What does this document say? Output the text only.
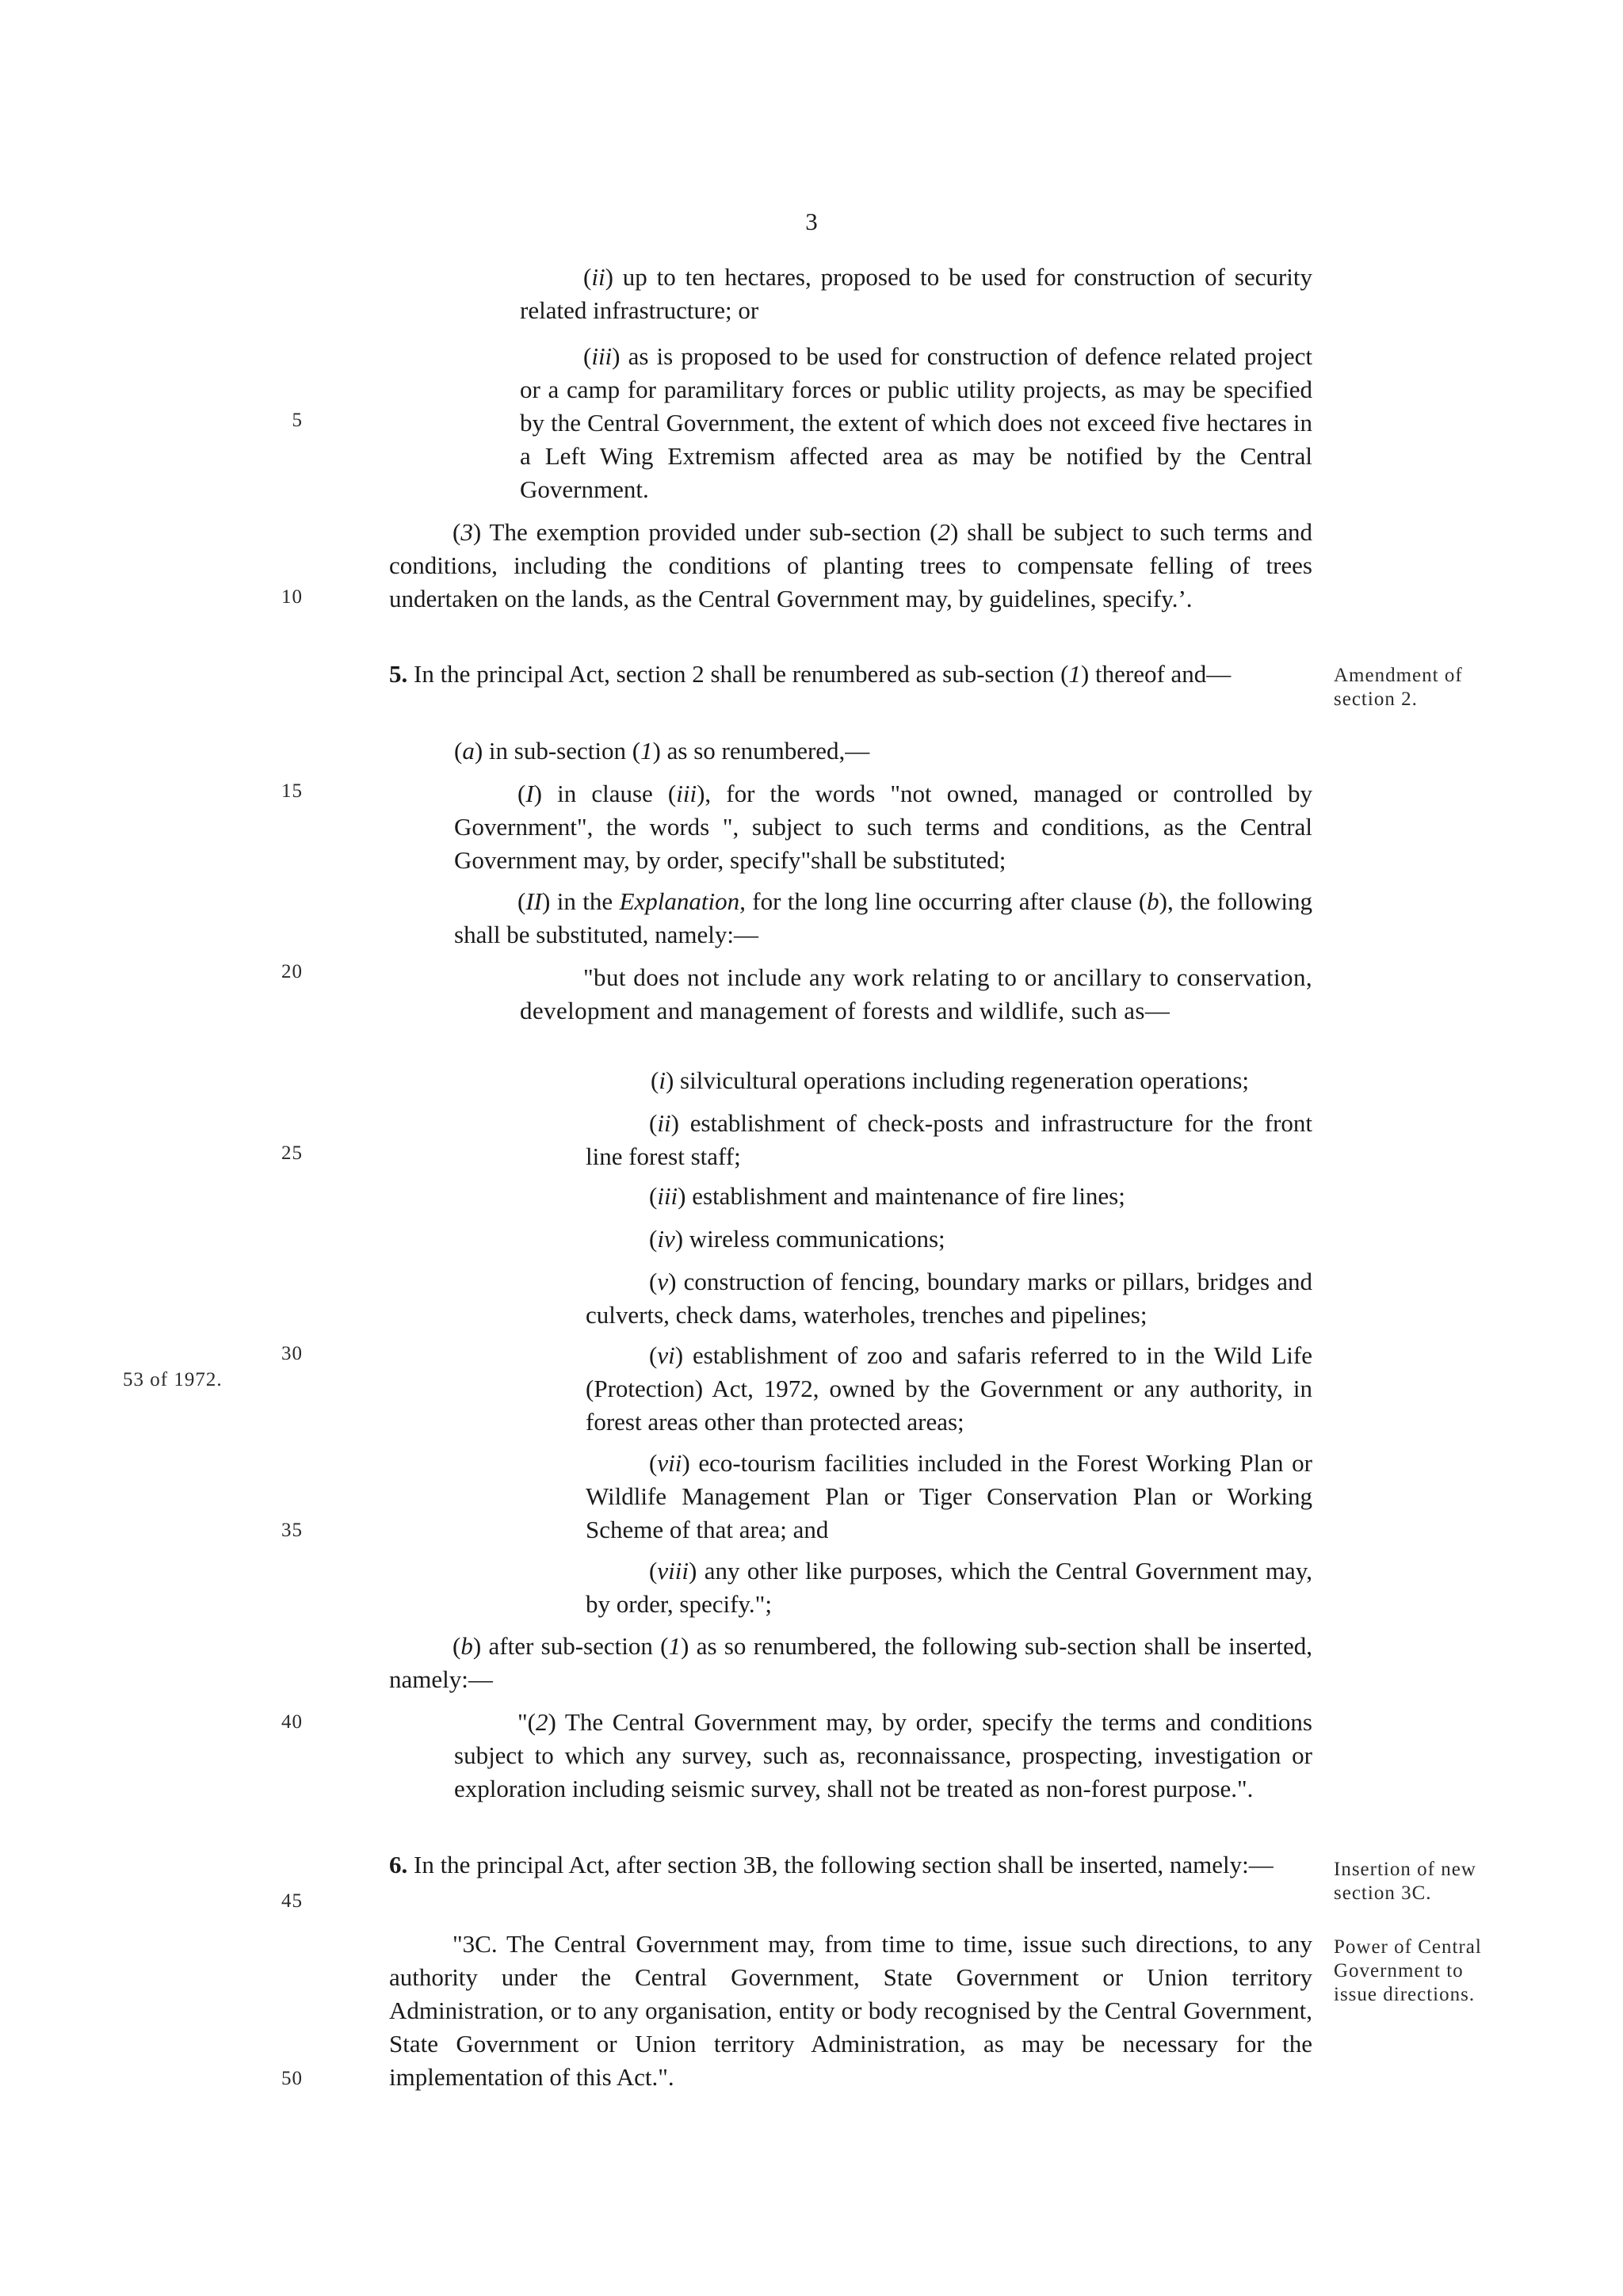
3
5
10
15
20
25
30
35
40
45
50
53 of 1972.
Amendment of section 2.
Insertion of new section 3C.
Power of Central Government to issue directions.

(ii) up to ten hectares, proposed to be used for construction of security related infrastructure; or

(iii) as is proposed to be used for construction of defence related project or a camp for paramilitary forces or public utility projects, as may be specified by the Central Government, the extent of which does not exceed five hectares in a Left Wing Extremism affected area as may be notified by the Central Government.

(3) The exemption provided under sub-section (2) shall be subject to such terms and conditions, including the conditions of planting trees to compensate felling of trees undertaken on the lands, as the Central Government may, by guidelines, specify.’.

5. In the principal Act, section 2 shall be renumbered as sub-section (1) thereof and—

(a) in sub-section (1) as so renumbered,—

(I) in clause (iii), for the words "not owned, managed or controlled by Government", the words ", subject to such terms and conditions, as the Central Government may, by order, specify"shall be substituted;

(II) in the Explanation, for the long line occurring after clause (b), the following shall be substituted, namely:—

"but does not include any work relating to or ancillary to conservation, development and management of forests and wildlife, such as—

(i) silvicultural operations including regeneration operations;

(ii) establishment of check-posts and infrastructure for the front line forest staff;

(iii) establishment and maintenance of fire lines;

(iv) wireless communications;

(v) construction of fencing, boundary marks or pillars, bridges and culverts, check dams, waterholes, trenches and pipelines;

(vi) establishment of zoo and safaris referred to in the Wild Life (Protection) Act, 1972, owned by the Government or any authority, in forest areas other than protected areas;

(vii) eco-tourism facilities included in the Forest Working Plan or Wildlife Management Plan or Tiger Conservation Plan or Working Scheme of that area; and

(viii) any other like purposes, which the Central Government may, by order, specify.";

(b) after sub-section (1) as so renumbered, the following sub-section shall be inserted, namely:—

"(2) The Central Government may, by order, specify the terms and conditions subject to which any survey, such as, reconnaissance, prospecting, investigation or exploration including seismic survey, shall not be treated as non-forest purpose.".

6. In the principal Act, after section 3B, the following section shall be inserted, namely:—

"3C. The Central Government may, from time to time, issue such directions, to any authority under the Central Government, State Government or Union territory Administration, or to any organisation, entity or body recognised by the Central Government, State Government or Union territory Administration, as may be necessary for the implementation of this Act.".
